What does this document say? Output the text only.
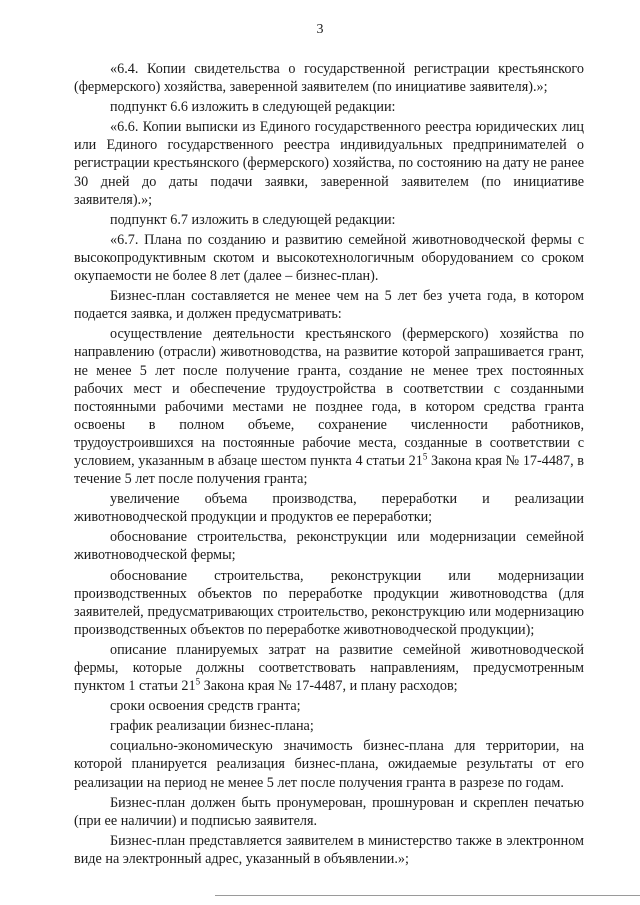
3

«6.4. Копии свидетельства о государственной регистрации крестьянского (фермерского) хозяйства, заверенной заявителем (по инициативе заявителя).»;

подпункт 6.6 изложить в следующей редакции:

«6.6. Копии выписки из Единого государственного реестра юридических лиц или Единого государственного реестра индивидуальных предпринимателей о регистрации крестьянского (фермерского) хозяйства, по состоянию на дату не ранее 30 дней до даты подачи заявки, заверенной заявителем (по инициативе заявителя).»;

подпункт 6.7 изложить в следующей редакции:

«6.7. Плана по созданию и развитию семейной животноводческой фермы с высокопродуктивным скотом и высокотехнологичным оборудованием со сроком окупаемости не более 8 лет (далее – бизнес-план).

Бизнес-план составляется не менее чем на 5 лет без учета года, в котором подается заявка, и должен предусматривать:

осуществление деятельности крестьянского (фермерского) хозяйства по направлению (отрасли) животноводства, на развитие которой запрашивается грант, не менее 5 лет после получение гранта, создание не менее трех постоянных рабочих мест и обеспечение трудоустройства в соответствии с созданными постоянными рабочими местами не позднее года, в котором средства гранта освоены в полном объеме, сохранение численности работников, трудоустроившихся на постоянные рабочие места, созданные в соответствии с условием, указанным в абзаце шестом пункта 4 статьи $21^5$ Закона края № 17-4487, в течение 5 лет после получения гранта;

увеличение объема производства, переработки и реализации животноводческой продукции и продуктов ее переработки;

обоснование строительства, реконструкции или модернизации семейной животноводческой фермы;

обоснование строительства, реконструкции или модернизации производственных объектов по переработке продукции животноводства (для заявителей, предусматривающих строительство, реконструкцию или модернизацию производственных объектов по переработке животноводческой продукции);

описание планируемых затрат на развитие семейной животноводческой фермы, которые должны соответствовать направлениям, предусмотренным пунктом 1 статьи $21^5$ Закона края № 17-4487, и плану расходов;

сроки освоения средств гранта;

график реализации бизнес-плана;

социально-экономическую значимость бизнес-плана для территории, на которой планируется реализация бизнес-плана, ожидаемые результаты от его реализации на период не менее 5 лет после получения гранта в разрезе по годам.

Бизнес-план должен быть пронумерован, прошнурован и скреплен печатью (при ее наличии) и подписью заявителя.

Бизнес-план представляется заявителем в министерство также в электронном виде на электронный адрес, указанный в объявлении.»;
